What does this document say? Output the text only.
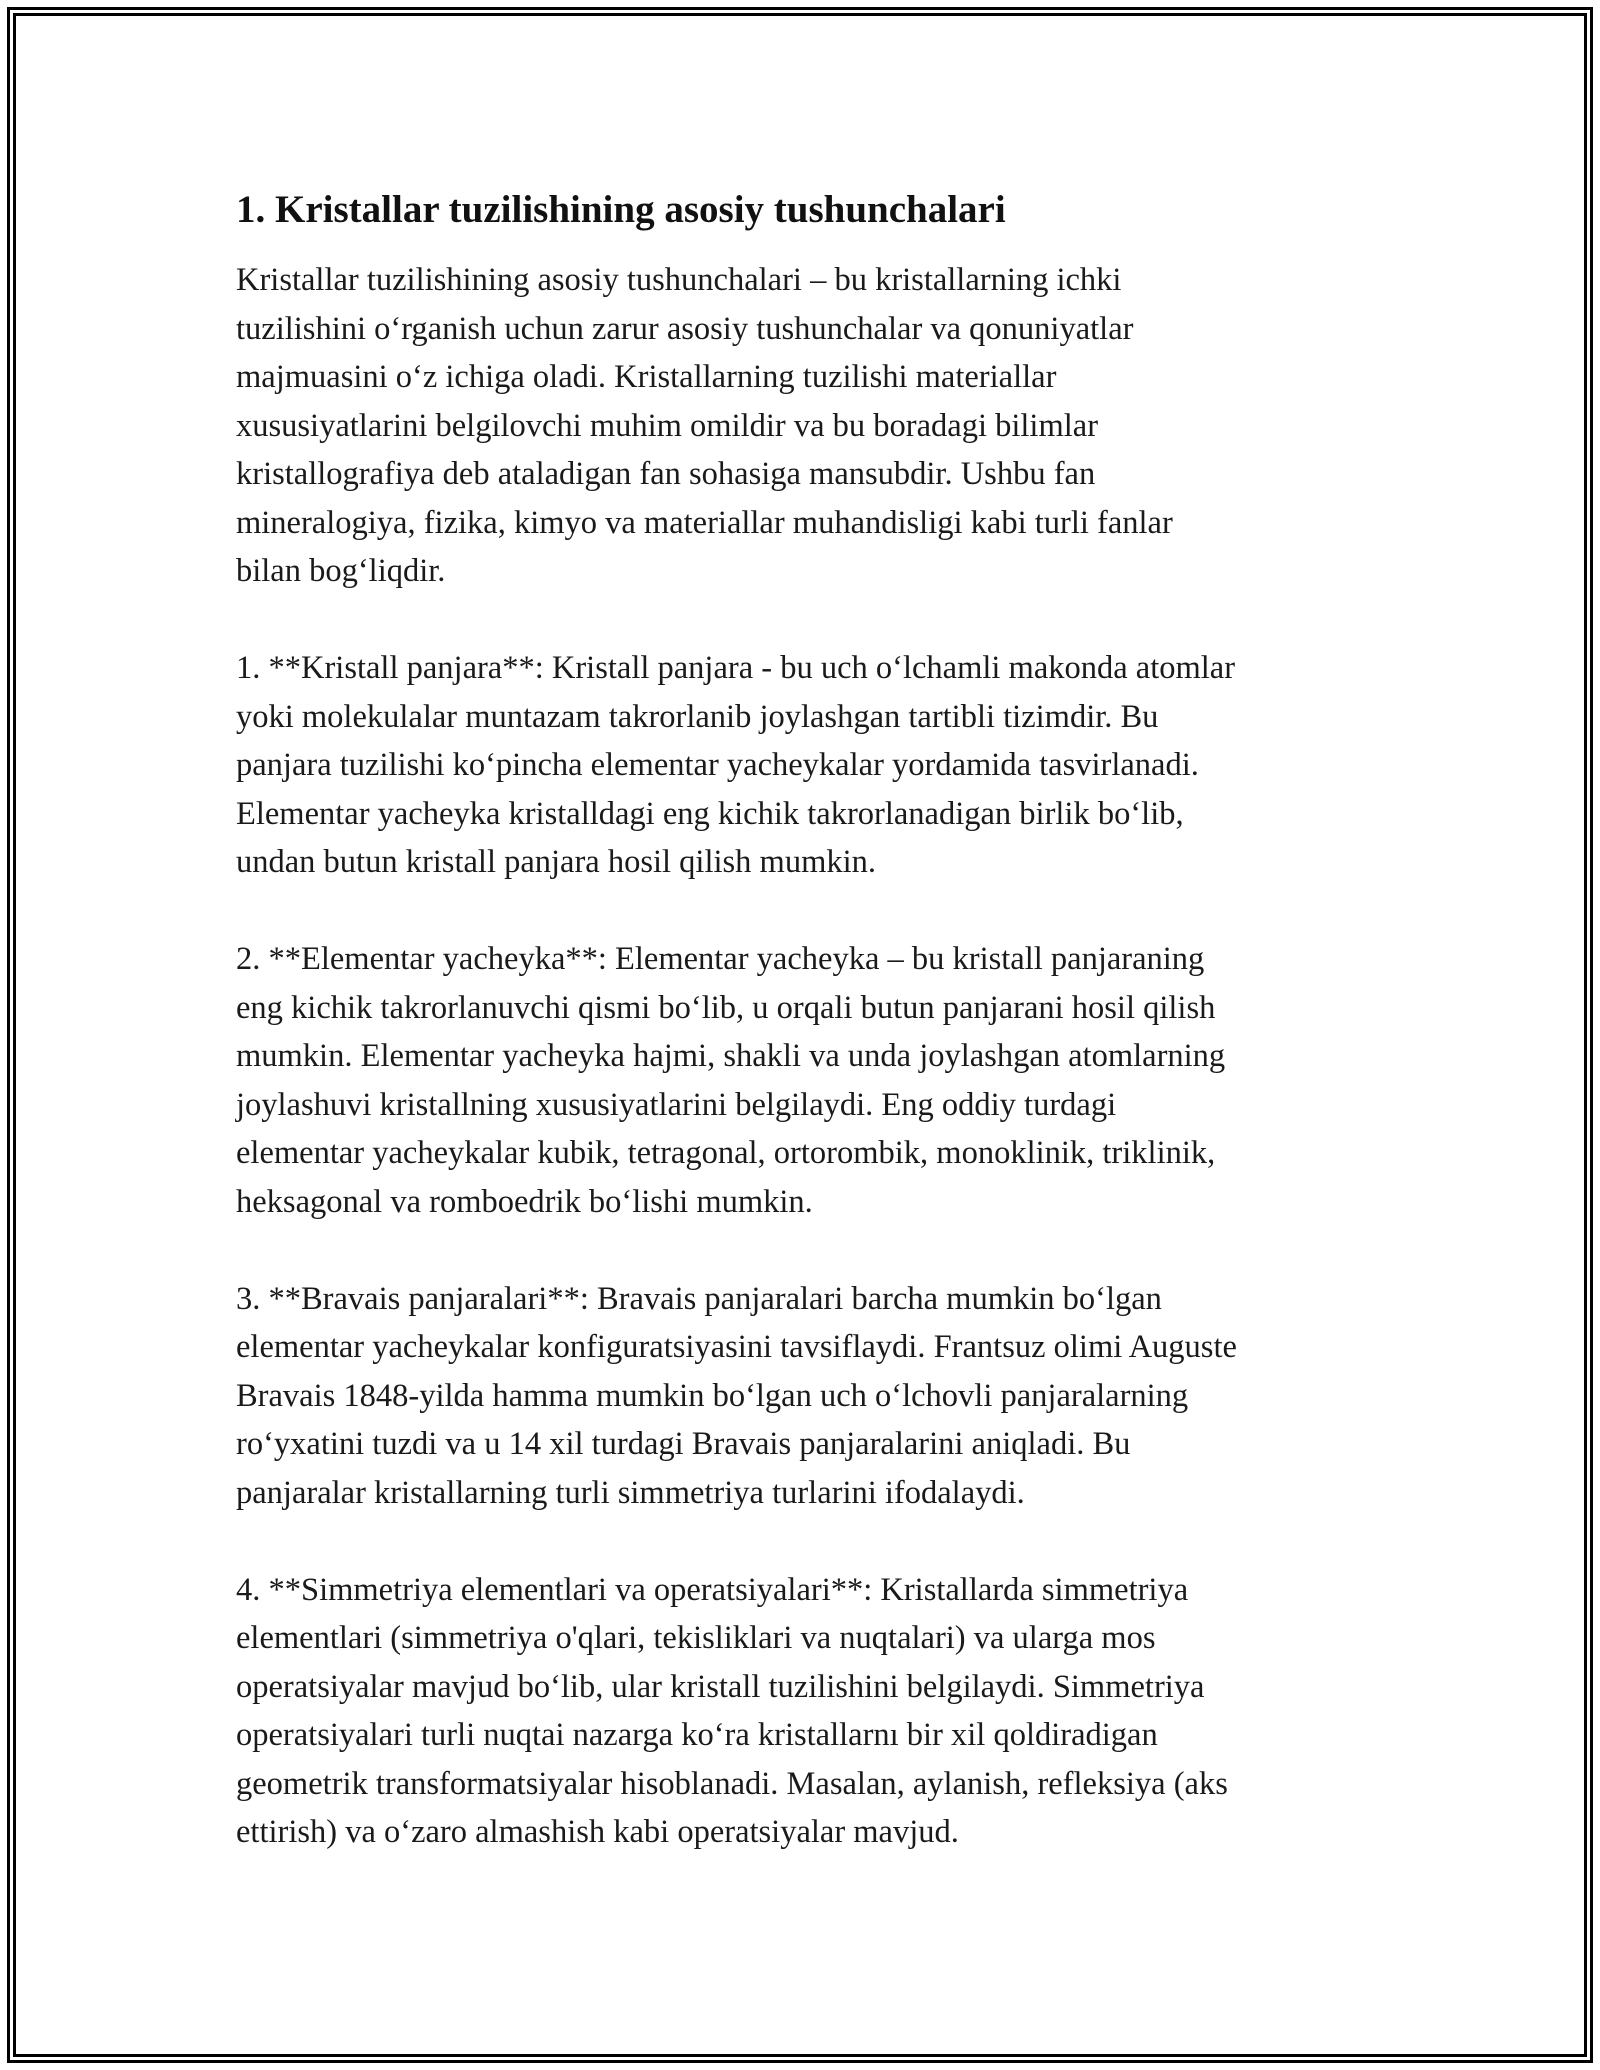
1. Kristallar tuzilishining asosiy tushunchalari
Kristallar tuzilishining asosiy tushunchalari – bu kristallarning ichki
tuzilishini o‘rganish uchun zarur asosiy tushunchalar va qonuniyatlar
majmuasini o‘z ichiga oladi. Kristallarning tuzilishi materiallar
xususiyatlarini belgilovchi muhim omildir va bu boradagi bilimlar
kristallografiya deb ataladigan fan sohasiga mansubdir. Ushbu fan
mineralogiya, fizika, kimyo va materiallar muhandisligi kabi turli fanlar
bilan bog‘liqdir.
1. **Kristall panjara**: Kristall panjara - bu uch o‘lchamli makonda atomlar
yoki molekulalar muntazam takrorlanib joylashgan tartibli tizimdir. Bu
panjara tuzilishi ko‘pincha elementar yacheykalar yordamida tasvirlanadi.
Elementar yacheyka kristalldagi eng kichik takrorlanadigan birlik bo‘lib,
undan butun kristall panjara hosil qilish mumkin.
2. **Elementar yacheyka**: Elementar yacheyka – bu kristall panjaraning
eng kichik takrorlanuvchi qismi bo‘lib, u orqali butun panjarani hosil qilish
mumkin. Elementar yacheyka hajmi, shakli va unda joylashgan atomlarning
joylashuvi kristallning xususiyatlarini belgilaydi. Eng oddiy turdagi
elementar yacheykalar kubik, tetragonal, ortorombik, monoklinik, triklinik,
heksagonal va romboedrik bo‘lishi mumkin.
3. **Bravais panjaralari**: Bravais panjaralari barcha mumkin bo‘lgan
elementar yacheykalar konfiguratsiyasini tavsiflaydi. Frantsuz olimi Auguste
Bravais 1848-yilda hamma mumkin bo‘lgan uch o‘lchovli panjaralarning
ro‘yxatini tuzdi va u 14 xil turdagi Bravais panjaralarini aniqladi. Bu
panjaralar kristallarning turli simmetriya turlarini ifodalaydi.
4. **Simmetriya elementlari va operatsiyalari**: Kristallarda simmetriya
elementlari (simmetriya o'qlari, tekisliklari va nuqtalari) va ularga mos
operatsiyalar mavjud bo‘lib, ular kristall tuzilishini belgilaydi. Simmetriya
operatsiyalari turli nuqtai nazarga ko‘ra kristallarnı bir xil qoldiradigan
geometrik transformatsiyalar hisoblanadi. Masalan, aylanish, refleksiya (aks
ettirish) va o‘zaro almashish kabi operatsiyalar mavjud.
